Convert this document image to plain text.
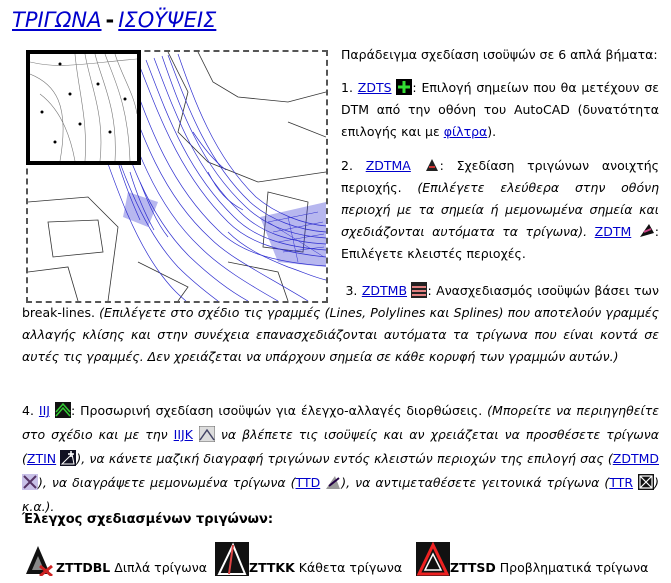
ΤΡΙΓΩΝΑ - ΙΣΟΫΨΕΙΣ
Παράδειγμα σχεδίαση ισοϋψών σε 6 απλά βήματα:
1. ZDTS : Επιλογή σημείων που θα μετέχουν σε DTM από την οθόνη του AutoCAD (δυνατότητα επιλογής και με φίλτρα).
2. ZDTMA : Σχεδίαση τριγώνων ανοιχτής περιοχής. (Επιλέγετε ελεύθερα στην οθόνη περιοχή με τα σημεία ή μεμονωμένα σημεία και σχεδιάζονται αυτόματα τα τρίγωνα). ZDTM : Επιλέγετε κλειστές περιοχές.
3. ZDTMB : Ανασχεδιασμός ισοϋψών βάσει των break-lines. (Επιλέγετε στο σχέδιο τις γραμμές (Lines, Polylines και Splines) που αποτελούν γραμμές αλλαγής κλίσης και στην συνέχεια επανασχεδιάζονται αυτόματα τα τρίγωνα που είναι κοντά σε αυτές τις γραμμές. Δεν χρειάζεται να υπάρχουν σημεία σε κάθε κορυφή των γραμμών αυτών.)
4. IIJ : Προσωρινή σχεδίαση ισοϋψών για έλεγχο-αλλαγές διορθώσεις. (Μπορείτε να περιηγηθείτε στο σχέδιο και με την IIJK να βλέπετε τις ισοϋψείς και αν χρειάζεται να προσθέσετε τρίγωνα (ZTIN ), να κάνετε μαζική διαγραφή τριγώνων εντός κλειστών περιοχών της επιλογή σας (ZDTMD
), να διαγράψετε μεμονωμένα τρίγωνα (TTD ), να αντιμεταθέσετε γειτονικά τρίγωνα (TTR ) κ.α.).
Έλεγχος σχεδιασμένων τριγώνων:
ZTTDBL Διπλά τρίγωνα	ZTTKK Κάθετα τρίγωνα	ZTTSD Προβληματικά τρίγωνα
